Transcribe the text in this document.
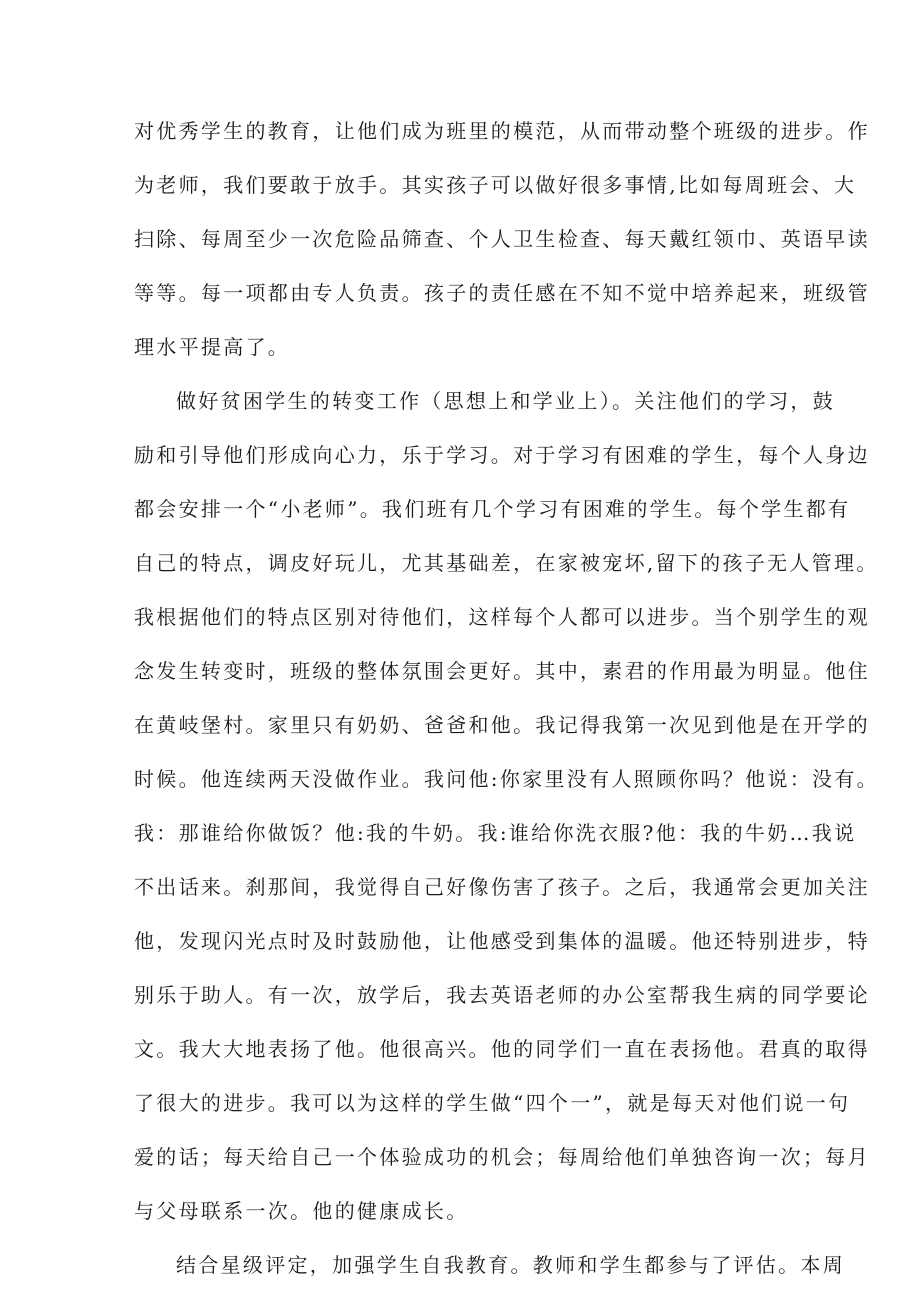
对优秀学生的教育，让他们成为班里的模范，从而带动整个班级的进步。作
为老师，我们要敢于放手。其实孩子可以做好很多事情,比如每周班会、大
扫除、每周至少一次危险品筛查、个人卫生检查、每天戴红领巾、英语早读
等等。每一项都由专人负责。孩子的责任感在不知不觉中培养起来，班级管
理水平提高了。
做好贫困学生的转变工作（思想上和学业上）。关注他们的学习，鼓
励和引导他们形成向心力，乐于学习。对于学习有困难的学生，每个人身边
都会安排一个“小老师”。我们班有几个学习有困难的学生。每个学生都有
自己的特点，调皮好玩儿，尤其基础差，在家被宠坏,留下的孩子无人管理。
我根据他们的特点区别对待他们，这样每个人都可以进步。当个别学生的观
念发生转变时，班级的整体氛围会更好。其中，素君的作用最为明显。他住
在黄岐堡村。家里只有奶奶、爸爸和他。我记得我第一次见到他是在开学的
时候。他连续两天没做作业。我问他:你家里没有人照顾你吗？他说：没有。
我：那谁给你做饭？他:我的牛奶。我:谁给你洗衣服?他：我的牛奶…我说
不出话来。刹那间，我觉得自己好像伤害了孩子。之后，我通常会更加关注
他，发现闪光点时及时鼓励他，让他感受到集体的温暖。他还特别进步，特
别乐于助人。有一次，放学后，我去英语老师的办公室帮我生病的同学要论
文。我大大地表扬了他。他很高兴。他的同学们一直在表扬他。君真的取得
了很大的进步。我可以为这样的学生做“四个一”，就是每天对他们说一句
爱的话；每天给自己一个体验成功的机会；每周给他们单独咨询一次；每月
与父母联系一次。他的健康成长。
结合星级评定，加强学生自我教育。教师和学生都参与了评估。本周
